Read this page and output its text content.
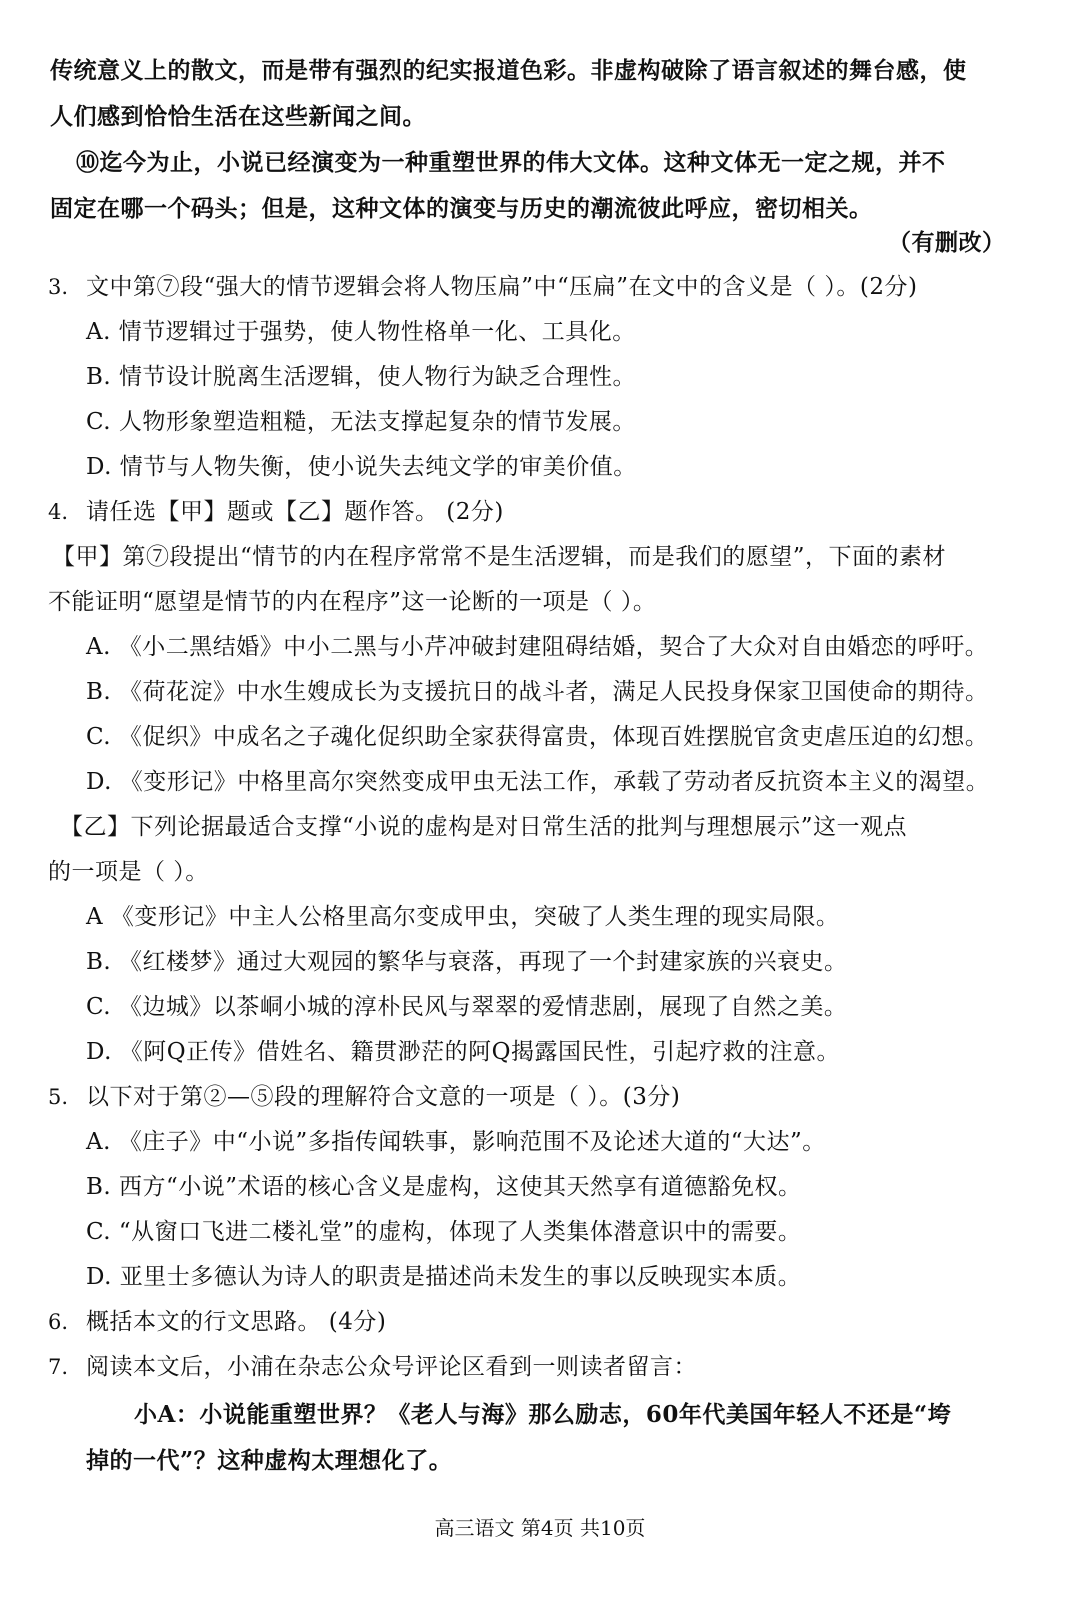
传统意义上的散文，而是带有强烈的纪实报道色彩。非虚构破除了语言叙述的舞台感，使
人们感到恰恰生活在这些新闻之间。
⑩迄今为止，小说已经演变为一种重塑世界的伟大文体。这种文体无一定之规，并不
固定在哪一个码头；但是，这种文体的演变与历史的潮流彼此呼应，密切相关。
（有删改）
3. 文中第⑦段“强大的情节逻辑会将人物压扁”中“压扁”在文中的含义是（ ）。(2分)
A. 情节逻辑过于强势，使人物性格单一化、工具化。
B. 情节设计脱离生活逻辑，使人物行为缺乏合理性。
C. 人物形象塑造粗糙，无法支撑起复杂的情节发展。
D. 情节与人物失衡，使小说失去纯文学的审美价值。
4. 请任选【甲】题或【乙】题作答。 (2分)
【甲】第⑦段提出“情节的内在程序常常不是生活逻辑，而是我们的愿望”，下面的素材
不能证明“愿望是情节的内在程序”这一论断的一项是（ ）。
A. 《小二黑结婚》中小二黑与小芹冲破封建阻碍结婚，契合了大众对自由婚恋的呼吁。
B. 《荷花淀》中水生嫂成长为支援抗日的战斗者，满足人民投身保家卫国使命的期待。
C. 《促织》中成名之子魂化促织助全家获得富贵，体现百姓摆脱官贪吏虐压迫的幻想。
D. 《变形记》中格里高尔突然变成甲虫无法工作，承载了劳动者反抗资本主义的渴望。
【乙】下列论据最适合支撑“小说的虚构是对日常生活的批判与理想展示”这一观点
的一项是（ ）。
A 《变形记》中主人公格里高尔变成甲虫，突破了人类生理的现实局限。
B. 《红楼梦》通过大观园的繁华与衰落，再现了一个封建家族的兴衰史。
C. 《边城》以茶峒小城的淳朴民风与翠翠的爱情悲剧，展现了自然之美。
D. 《阿Q正传》借姓名、籍贯渺茫的阿Q揭露国民性，引起疗救的注意。
5. 以下对于第②—⑤段的理解符合文意的一项是（ ）。(3分)
A. 《庄子》中“小说”多指传闻轶事，影响范围不及论述大道的“大达”。
B. 西方“小说”术语的核心含义是虚构，这使其天然享有道德豁免权。
C. “从窗口飞进二楼礼堂”的虚构，体现了人类集体潜意识中的需要。
D. 亚里士多德认为诗人的职责是描述尚未发生的事以反映现实本质。
6. 概括本文的行文思路。 (4分)
7. 阅读本文后，小浦在杂志公众号评论区看到一则读者留言：
小A：小说能重塑世界？《老人与海》那么励志，60年代美国年轻人不还是“垮
掉的一代”？这种虚构太理想化了。
高三语文 第4页 共10页
